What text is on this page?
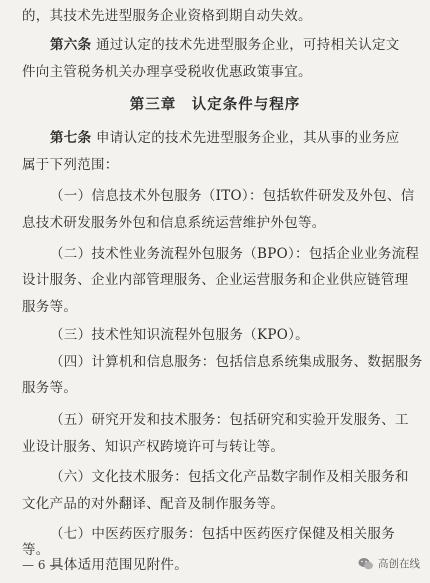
的，其技术先进型服务企业资格到期自动失效。
第六条 通过认定的技术先进型服务企业，可持相关认定文
件向主管税务机关办理享受税收优惠政策事宜。
第三章　认定条件与程序
第七条 申请认定的技术先进型服务企业，其从事的业务应
属于下列范围：
（一）信息技术外包服务（ITO）：包括软件研发及外包、信
息技术研发服务外包和信息系统运营维护外包等。
（二）技术性业务流程外包服务（BPO）：包括企业业务流程
设计服务、企业内部管理服务、企业运营服务和企业供应链管理
服务等。
（三）技术性知识流程外包服务（KPO）。
（四）计算机和信息服务：包括信息系统集成服务、数据服务
服务等。
（五）研究开发和技术服务：包括研究和实验开发服务、工
业设计服务、知识产权跨境许可与转让等。
（六）文化技术服务：包括文化产品数字制作及相关服务和
文化产品的对外翻译、配音及制作服务等。
（七）中医药医疗服务：包括中医药医疗保健及相关服务
等。
具体适用范围见附件。
— 6 —	高创在线
